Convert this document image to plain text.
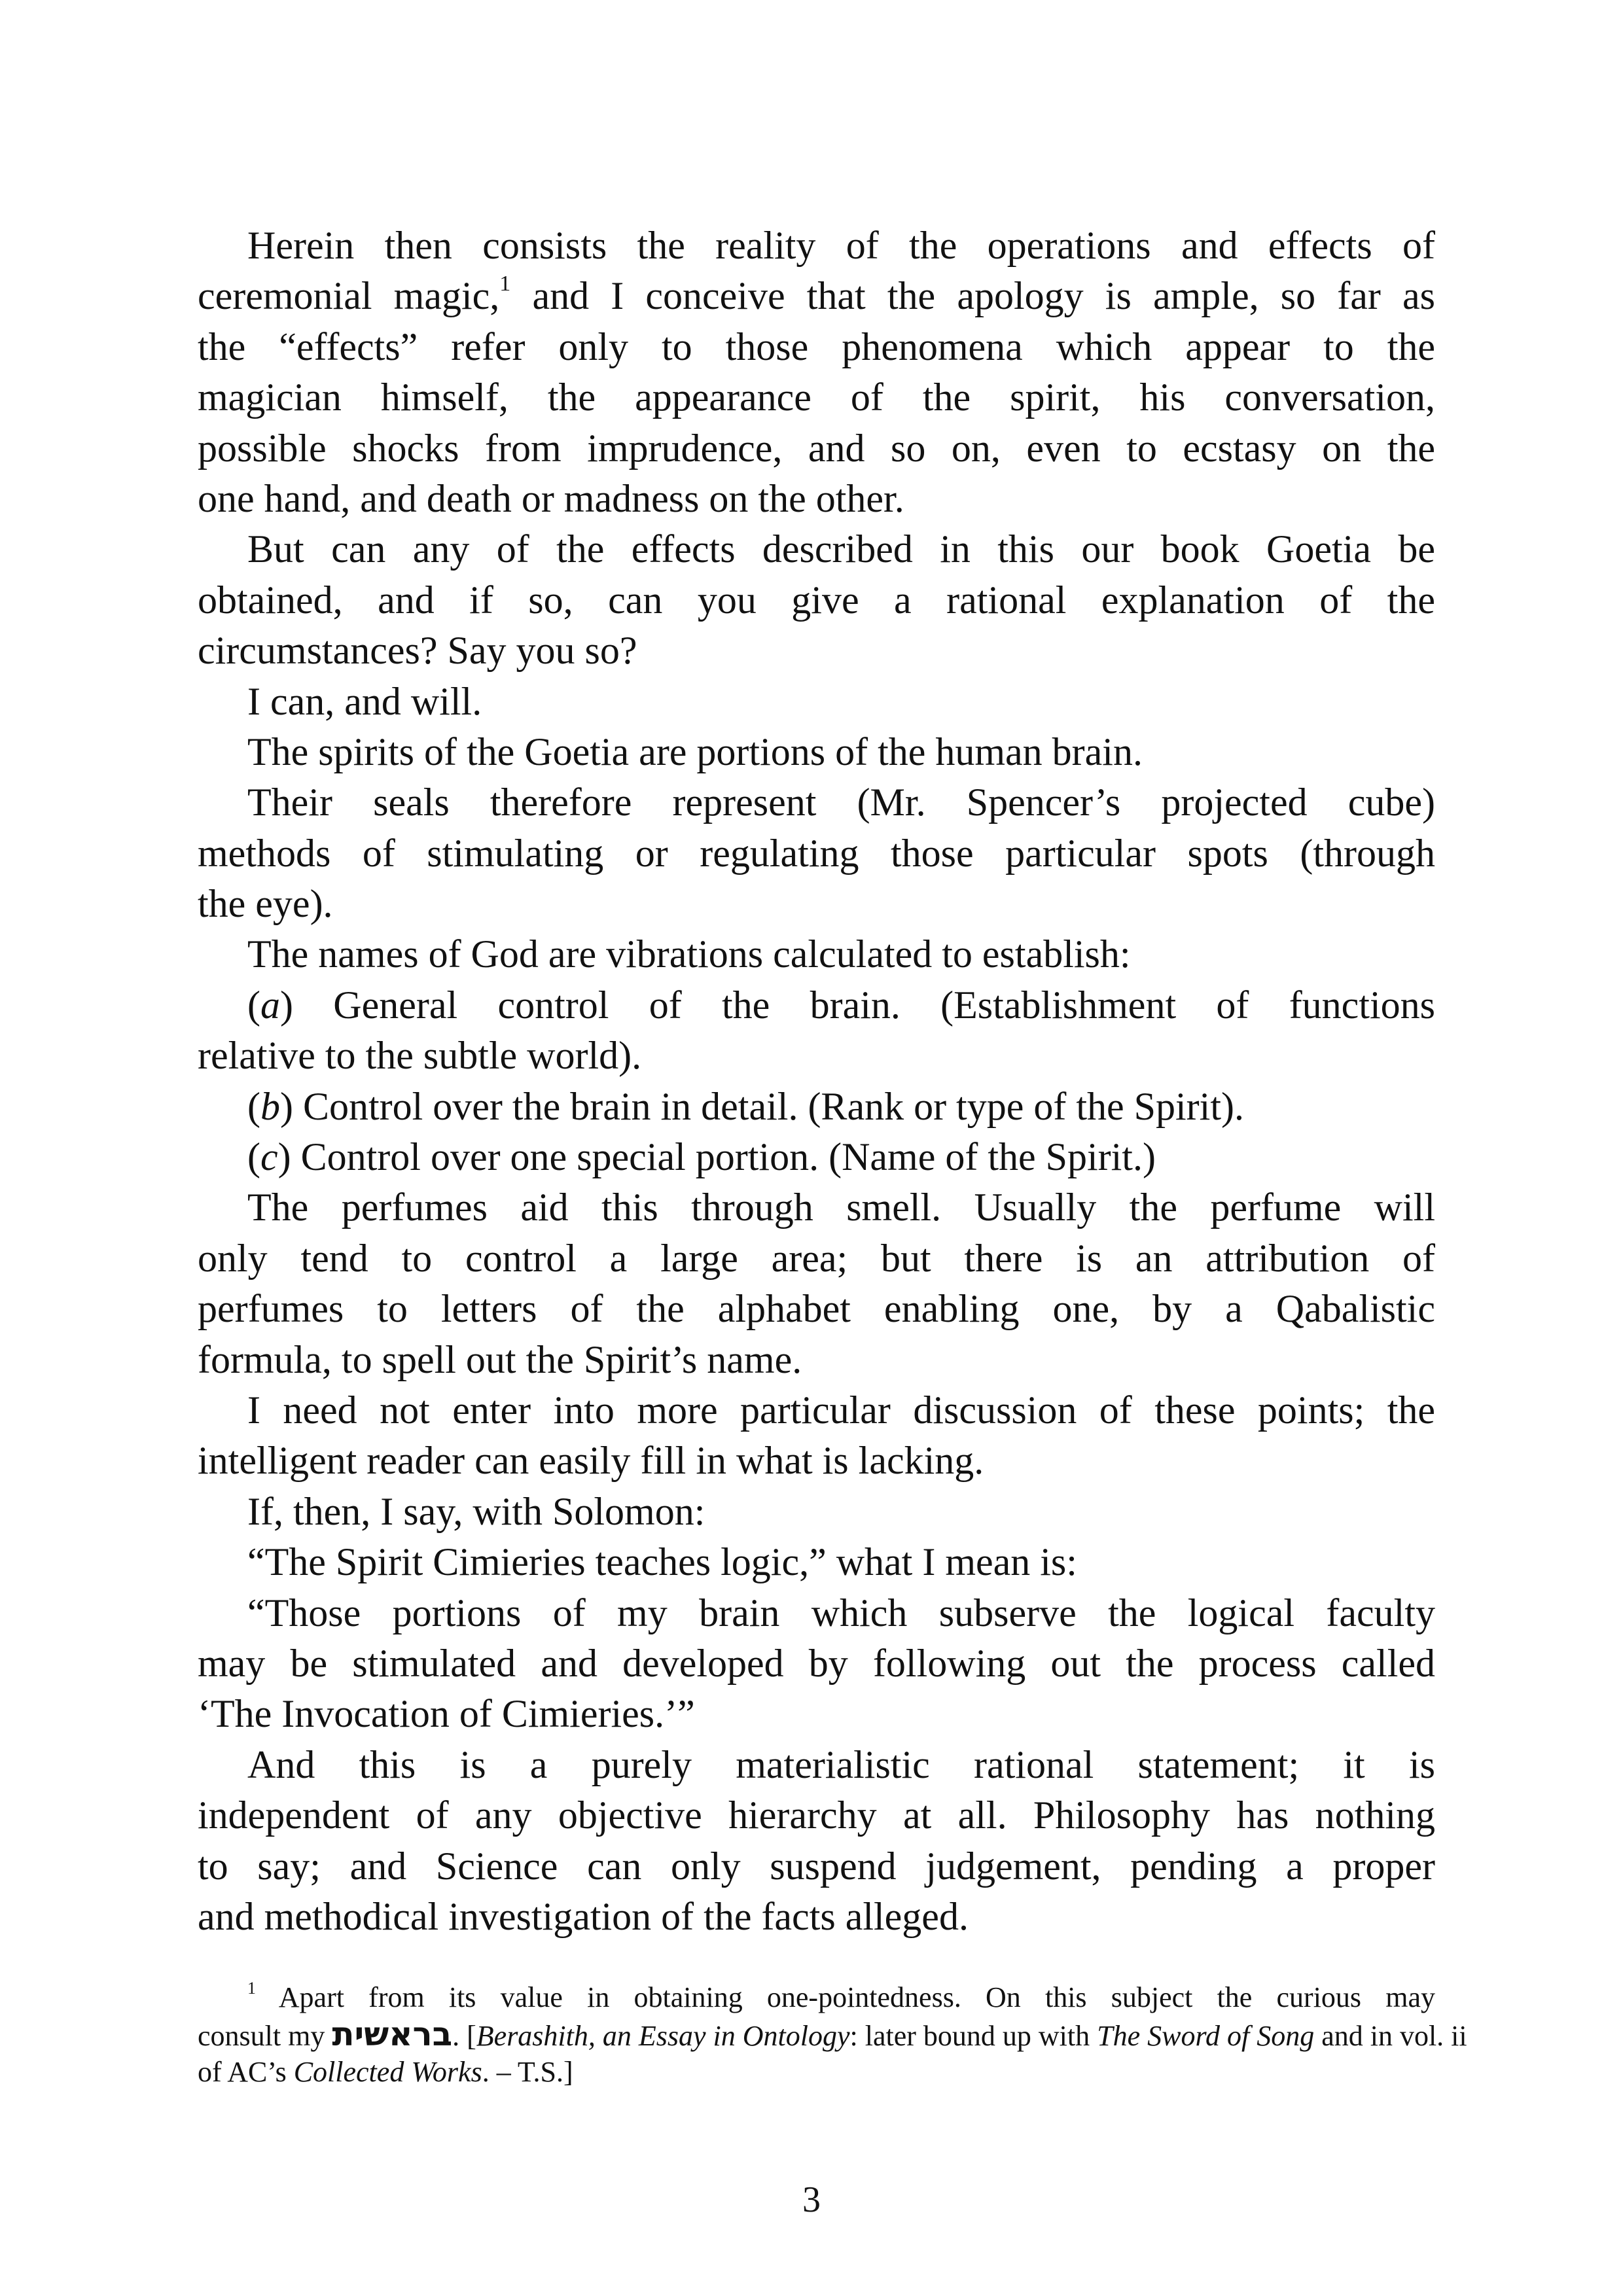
Herein then consists the reality of the operations and effects of
ceremonial magic,$^1$ and I conceive that the apology is ample, so far as
the “effects” refer only to those phenomena which appear to the
magician himself, the appearance of the spirit, his conversation,
possible shocks from imprudence, and so on, even to ecstasy on the
one hand, and death or madness on the other.
But can any of the effects described in this our book Goetia be
obtained, and if so, can you give a rational explanation of the
circumstances? Say you so?
I can, and will.
The spirits of the Goetia are portions of the human brain.
Their seals therefore represent (Mr. Spencer’s projected cube)
methods of stimulating or regulating those particular spots (through
the eye).
The names of God are vibrations calculated to establish:
(a) General control of the brain. (Establishment of functions
relative to the subtle world).
(b) Control over the brain in detail. (Rank or type of the Spirit).
(c) Control over one special portion. (Name of the Spirit.)
The perfumes aid this through smell. Usually the perfume will
only tend to control a large area; but there is an attribution of
perfumes to letters of the alphabet enabling one, by a Qabalistic
formula, to spell out the Spirit’s name.
I need not enter into more particular discussion of these points; the
intelligent reader can easily fill in what is lacking.
If, then, I say, with Solomon:
“The Spirit Cimieries teaches logic,” what I mean is:
“Those portions of my brain which subserve the logical faculty
may be stimulated and developed by following out the process called
‘The Invocation of Cimieries.’”
And this is a purely materialistic rational statement; it is
independent of any objective hierarchy at all. Philosophy has nothing
to say; and Science can only suspend judgement, pending a proper
and methodical investigation of the facts alleged.
$^1$ Apart from its value in obtaining one-pointedness. On this subject the curious may
consult my בראשית. [Berashith, an Essay in Ontology: later bound up with The Sword of Song and in vol. ii
of AC’s Collected Works. – T.S.]
3
